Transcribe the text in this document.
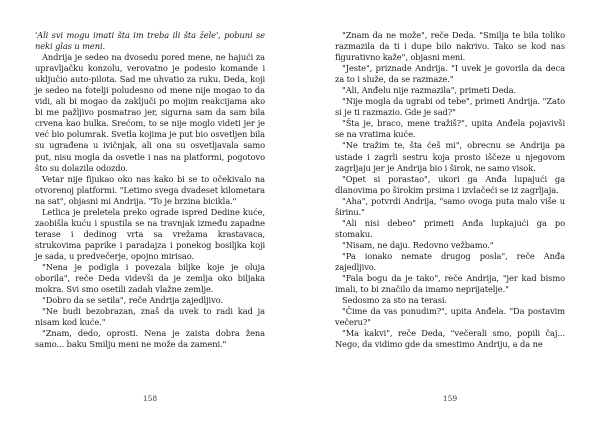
'Ali svi mogu imati šta im treba ili šta žele', pobuni se neki glas u meni.

Andrija je sedeo na dvosedu pored mene, ne hajući za upravljačku konzolu, verovatno je podesio komande i uključio auto-pilota. Sad me uhvatio za ruku. Deda, koji je sedeo na fotelji poludesno od mene nije mogao to da vidi, ali bi mogao da zaključi po mojim reakcijama ako bi me pažljivo posmatrao jer, sigurna sam da sam bila crvena kao bulka. Srećom, to se nije moglo videti jer je već bio polumrak. Svetla kojima je put bio osvetljen bila su ugrađena u ivičnjak, ali ona su osvetljavala samo put, nisu mogla da osvetle i nas na platformi, pogotovo što su dolazila odozdo.

Vetar nije fijukao oko nas kako bi se to očekivalo na otvorenoj platformi. "Letimo svega dvadeset kilometara na sat", objasni mi Andrija. "To je brzina bicikla."

Letlica je preletela preko ograde ispred Dedine kuće, zaobišla kuću i spustila se na travnjak između zapadne terase i dedinog vrta sa vrežama krastavaca, strukovima paprike i paradajza i ponekog bosiljka koji je sada, u predvečerje, opojno mirisao.

"Nena je podigla i povezala biljke koje je oluja oborila", reče Deda videvši da je zemlja oko biljaka mokra. Svi smo osetili zadah vlažne zemlje.

"Dobro da se setila", reče Andrija zajedljivo.

"Ne budi bezobrazan, znaš da uvek to radi kad ja nisam kod kuće."

"Znam, dedo, oprosti. Nena je zaista dobra žena samo... baku Smilju meni ne može da zameni."

158

"Znam da ne može", reče Deda. "Smilja te bila toliko razmazila da ti i dupe bilo nakrivo. Tako se kod nas figurativno kaže", objasni meni.

"Jeste", priznade Andrija. "I uvek je govorila da deca za to i služe, da se razmaze."

"Ali, Anđelu nije razmazila", primeti Deda.

"Nije mogla da ugrabi od tebe", primeti Andrija. "Zato si je ti razmazio. Gde je sad?"

"Šta je, braco, mene tražiš?", upita Anđela pojavivši se na vratima kuće.

"Ne tražim te, šta ćeš mi", obrecnu se Andrija pa ustade i zagrli sestru koja prosto iščeze u njegovom zagrljaju jer je Andrija bio i širok, ne samo visok.

"Opet si porastao", ukori ga Anđa lupajući ga dlanovima po širokim prsima i izvlačeći se iz zagrljaja.

"Aha", potvrdi Andrija, "samo ovoga puta malo više u širinu."

"Ali nisi debeo" primeti Anđa lupkajući ga po stomaku.

"Nisam, ne daju. Redovno vežbamo."

"Pa ionako nemate drugog posla", reče Anđa zajedljivo.

"Fala bogu da je tako", reče Andrija, "jer kad bismo imali, to bi značilo da imamo neprijatelje."

Sedosmo za sto na terasi.

"Čime da vas ponudim?", upita Anđela. "Da postavim večeru?"

"Ma kakvi", reče Deda, "večerali smo, popili čaj... Nego, da vidimo gde da smestimo Andriju, a da ne

159
